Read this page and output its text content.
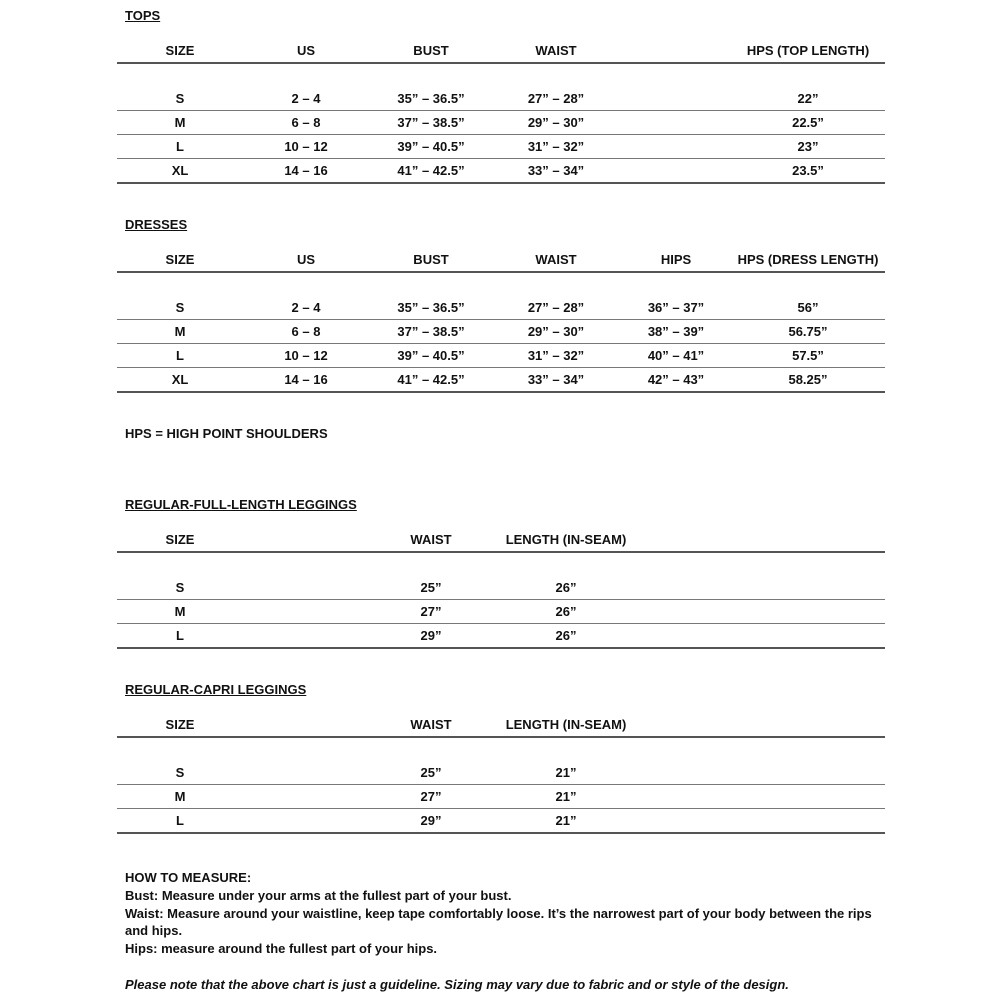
TOPS
DRESSES
HPS = HIGH POINT SHOULDERS
REGULAR-FULL-LENGTH LEGGINGS
REGULAR-CAPRI LEGGINGS
HOW TO MEASURE:
Bust: Measure under your arms at the fullest part of your bust.
Waist: Measure around your waistline, keep tape comfortably loose. It’s the narrowest part of your body between the rips and hips.
Hips: measure around the fullest part of your hips.
Please note that the above chart is just a guideline. Sizing may vary due to fabric and or style of the design.
SIZE	US	BUST	WAIST	HPS (TOP LENGTH)
S	2 – 4	35” – 36.5”	27” – 28”	22”
M	6 – 8	37” – 38.5”	29” – 30”	22.5”
L	10 – 12	39” – 40.5”	31” – 32”	23”
XL	14 – 16	41” – 42.5”	33” – 34”	23.5”
SIZE	US	BUST	WAIST	HIPS	HPS (DRESS LENGTH)
S	2 – 4	35” – 36.5”	27” – 28”	36” – 37”	56”
M	6 – 8	37” – 38.5”	29” – 30”	38” – 39”	56.75”
L	10 – 12	39” – 40.5”	31” – 32”	40” – 41”	57.5”
XL	14 – 16	41” – 42.5”	33” – 34”	42” – 43”	58.25”
SIZE	WAIST	LENGTH (IN-SEAM)
S	25”	26”
M	27”	26”
L	29”	26”
SIZE	WAIST	LENGTH (IN-SEAM)
S	25”	21”
M	27”	21”
L	29”	21”
